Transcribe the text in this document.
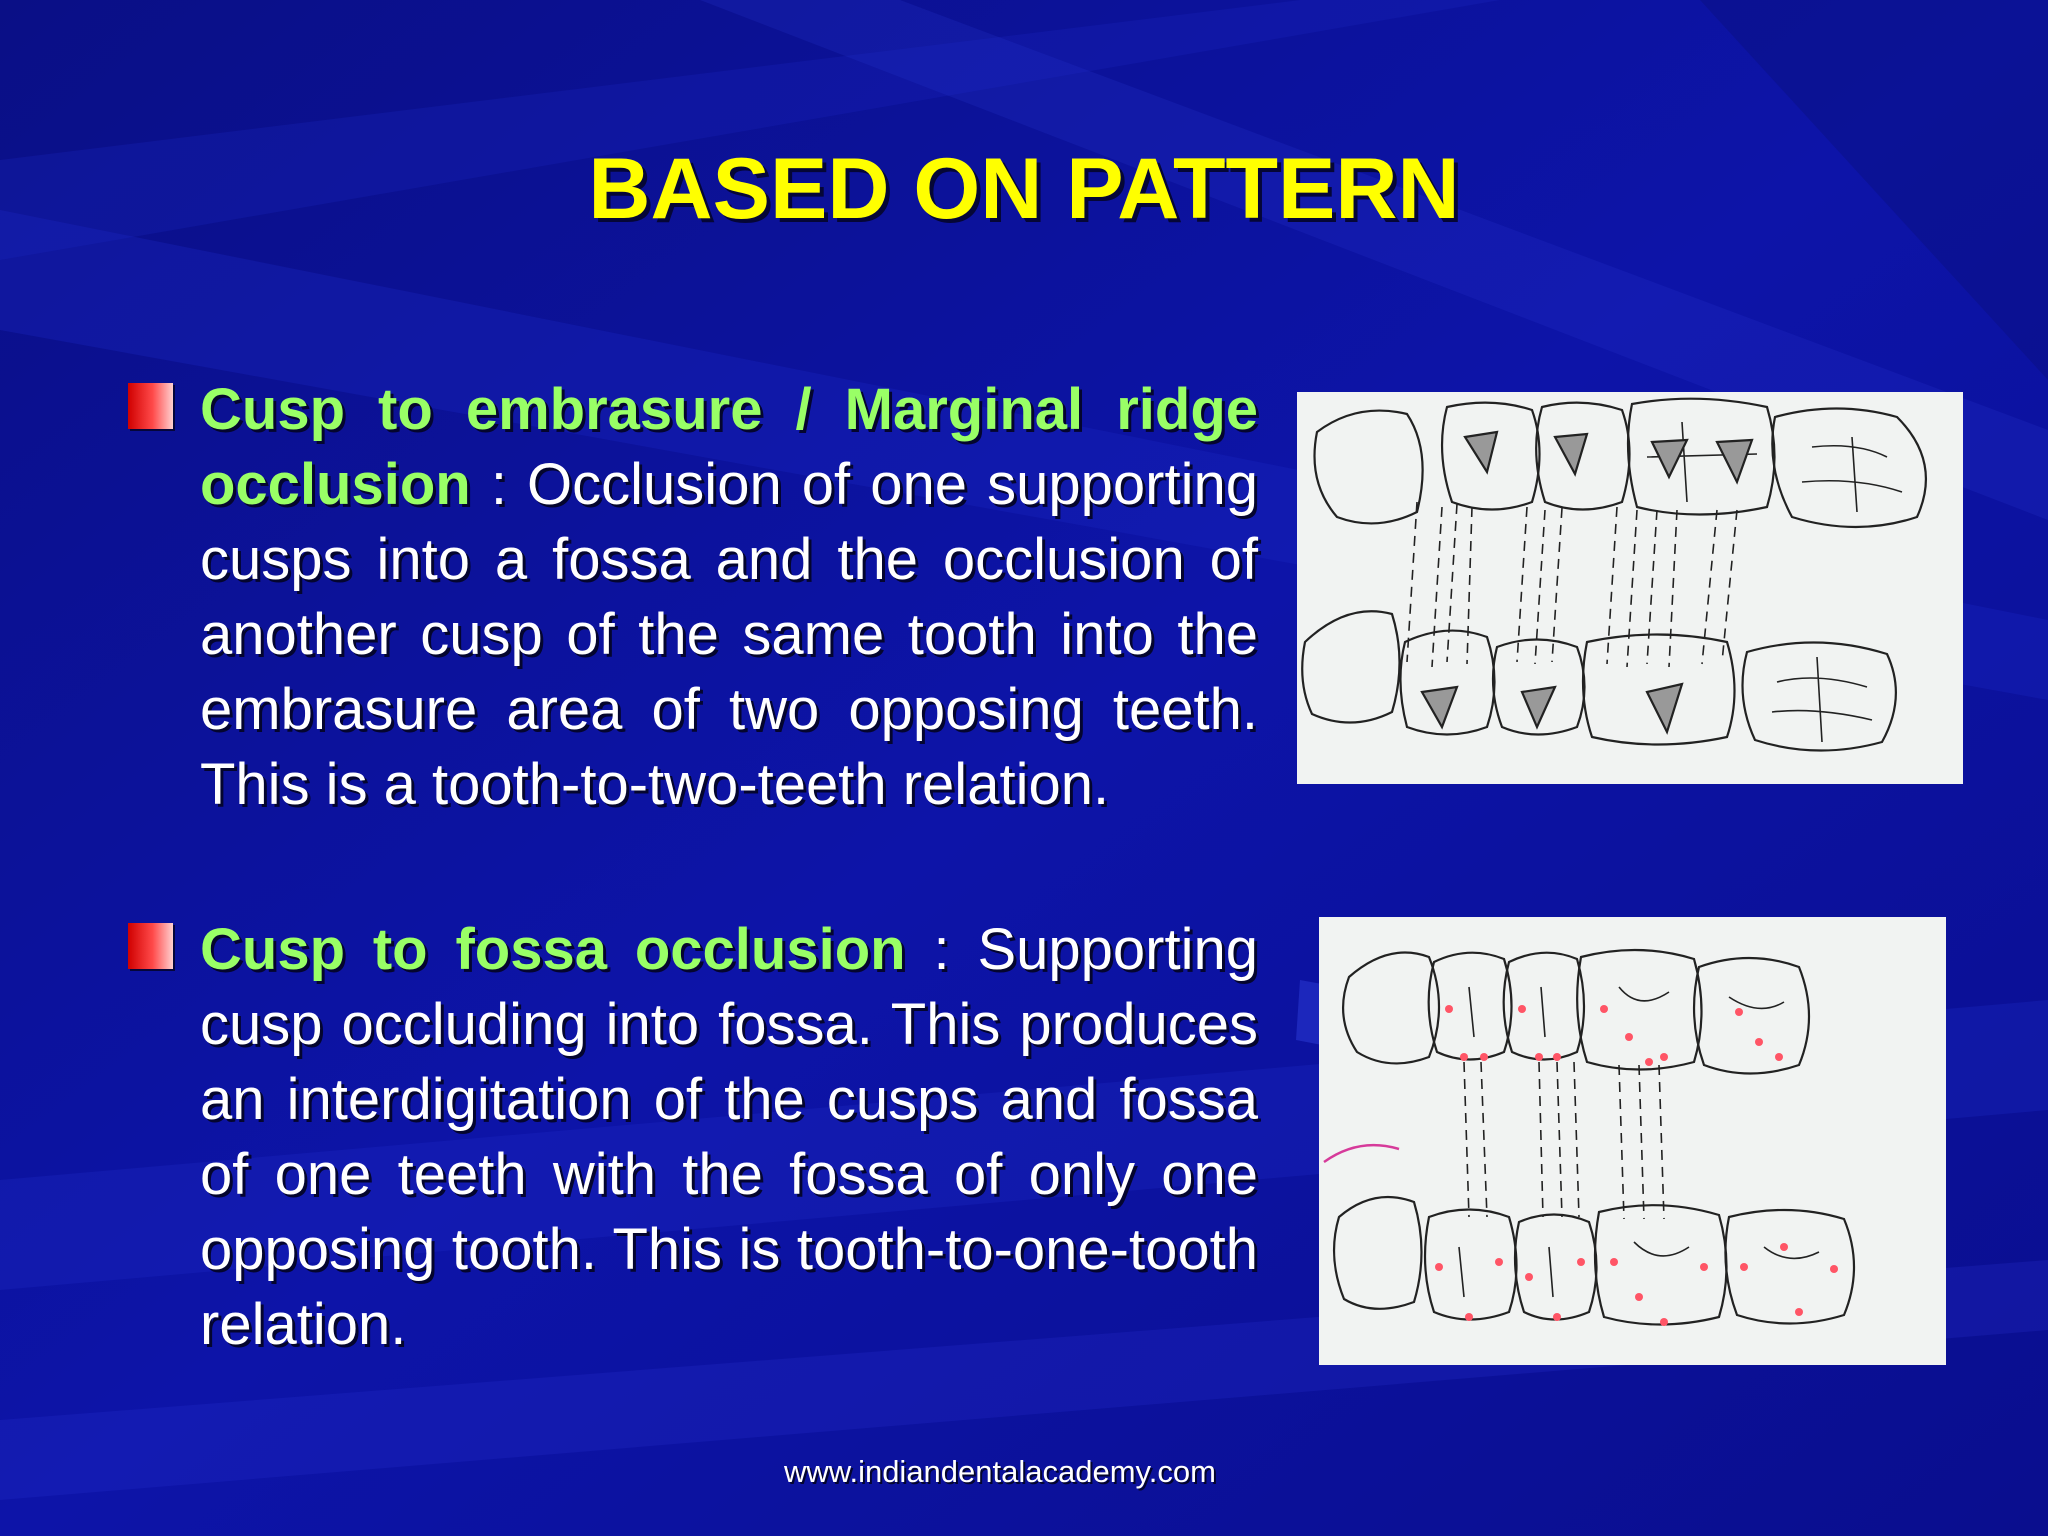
BASED ON PATTERN
Cusp to embrasure / Marginal ridge occlusion : Occlusion of one supporting cusps into a fossa and the occlusion of another cusp of the same tooth into the embrasure area of two opposing teeth. This is a tooth-to-two-teeth relation.
Cusp to fossa occlusion : Supporting cusp occluding into fossa. This produces an interdigitation of the cusps and fossa of one teeth with the fossa of only one opposing tooth. This is tooth-to-one-tooth relation.
www.indiandentalacademy.com
